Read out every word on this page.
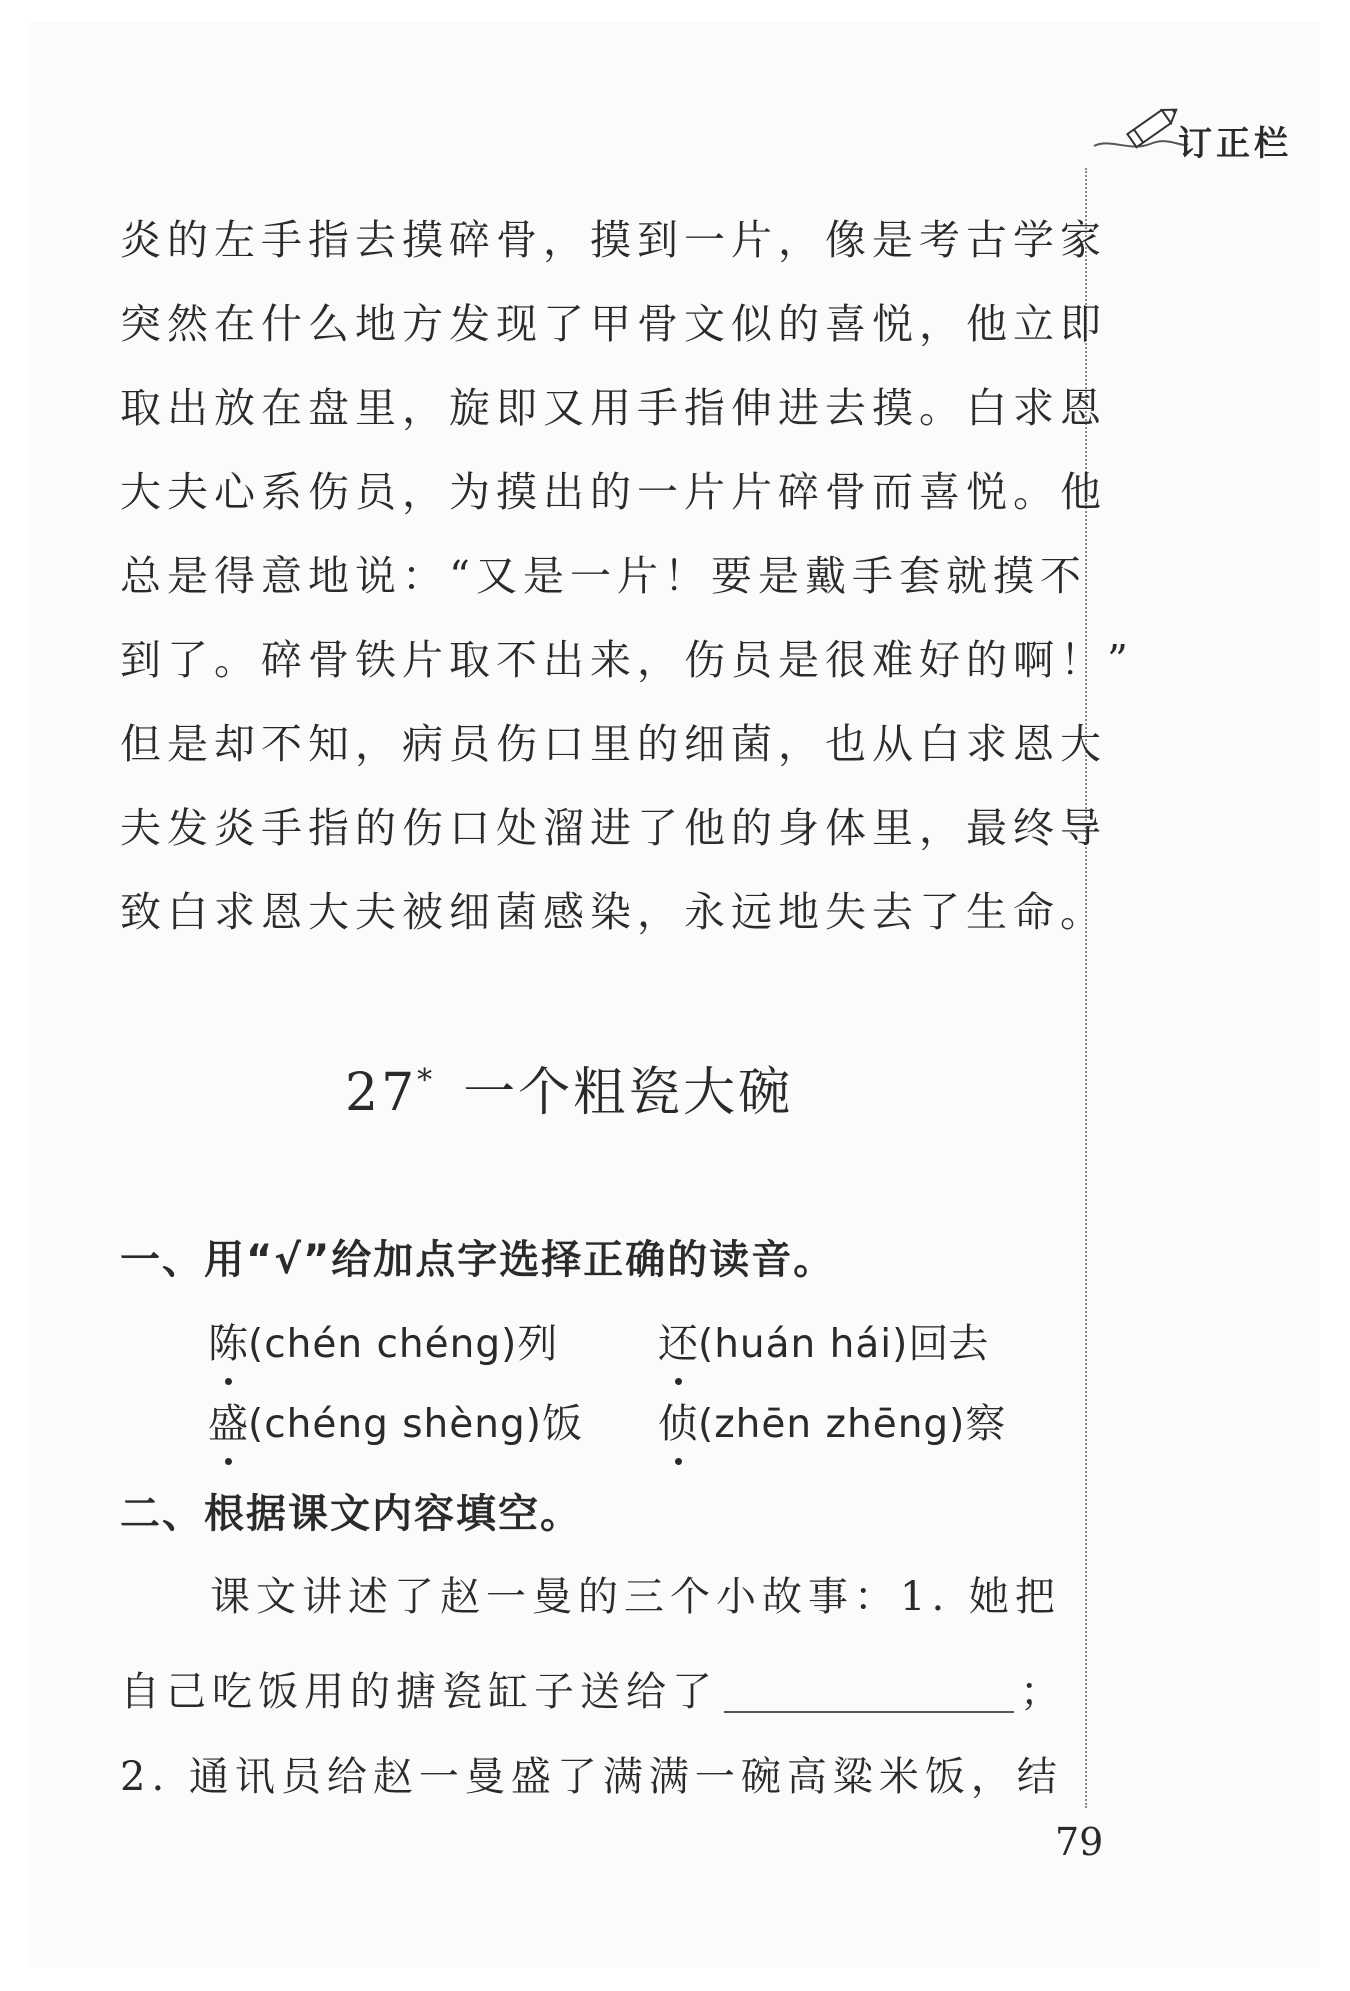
订正栏
炎的左手指去摸碎骨，摸到一片，像是考古学家
突然在什么地方发现了甲骨文似的喜悦，他立即
取出放在盘里，旋即又用手指伸进去摸。白求恩
大夫心系伤员，为摸出的一片片碎骨而喜悦。他
总是得意地说：“又是一片！要是戴手套就摸不
到了。碎骨铁片取不出来，伤员是很难好的啊！”
但是却不知，病员伤口里的细菌，也从白求恩大
夫发炎手指的伤口处溜进了他的身体里，最终导
致白求恩大夫被细菌感染，永远地失去了生命。
27* 一个粗瓷大碗
一、用“√”给加点字选择正确的读音。
陈(chén chéng)列	还(huán hái)回去
盛(chéng shèng)饭 侦(zhēn zhēng)察
二、根据课文内容填空。
课文讲述了赵一曼的三个小故事：1. 她把
自己吃饭用的搪瓷缸子送给了	；
2. 通讯员给赵一曼盛了满满一碗高粱米饭，结
79
